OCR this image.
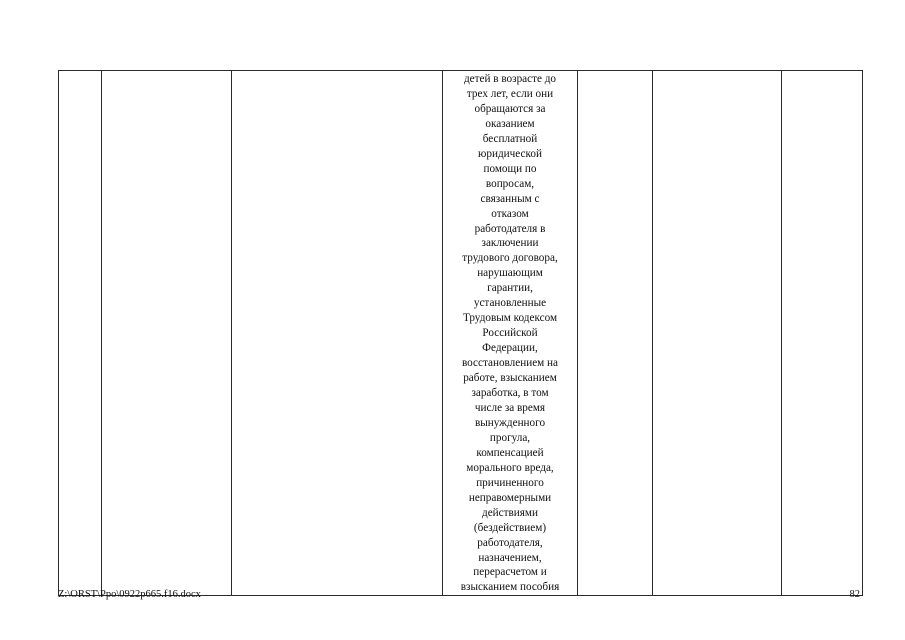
детей в возрасте до
трех лет, если они
обращаются за
оказанием
бесплатной
юридической
помощи по
вопросам,
связанным с
отказом
работодателя в
заключении
трудового договора,
нарушающим
гарантии,
установленные
Трудовым кодексом
Российской
Федерации,
восстановлением на
работе, взысканием
заработка, в том
числе за время
вынужденного
прогула,
компенсацией
морального вреда,
причиненного
неправомерными
действиями
(бездействием)
работодателя,
назначением,
перерасчетом и
взысканием пособия

Z:\ORST\Ppo\0922p665.f16.docx	82
